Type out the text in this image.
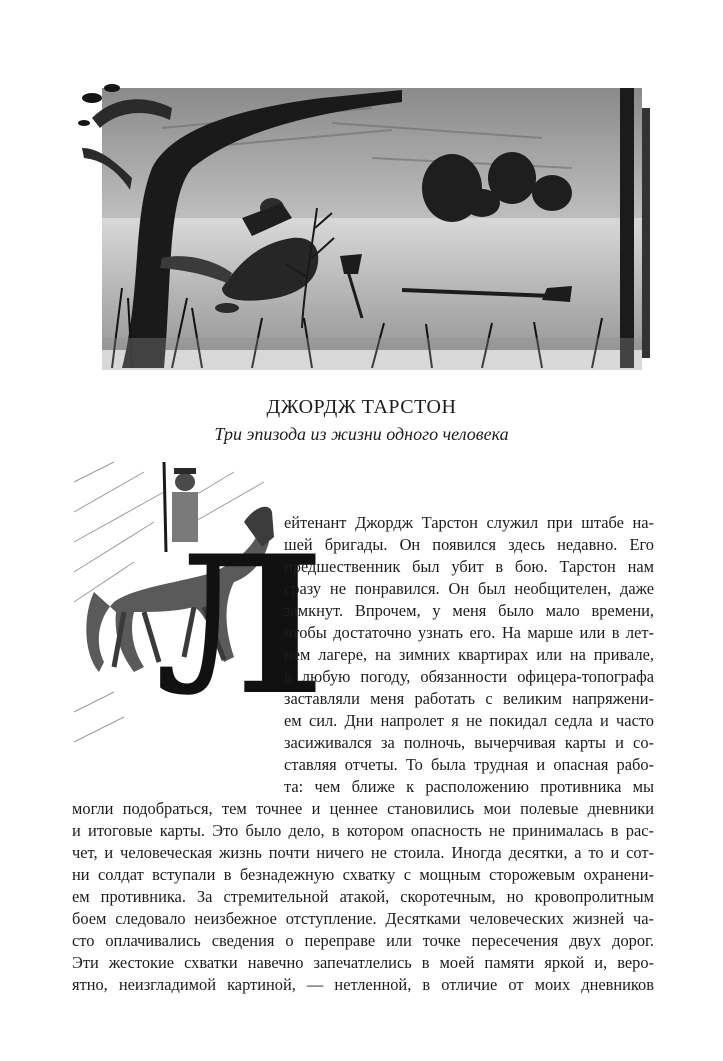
ДЖОРДЖ ТАРСТОН

Три эпизода из жизни одного человека

Л

ейтенант Джордж Тарстон служил при штабе на-

шей бригады. Он появился здесь недавно. Его

предшественник был убит в бою. Тарстон нам

сразу не понравился. Он был необщителен, даже

замкнут. Впрочем, у меня было мало времени,

чтобы достаточно узнать его. На марше или в лет-

нем лагере, на зимних квартирах или на привале,

в любую погоду, обязанности офицера-топографа

заставляли меня работать с великим напряжени-

ем сил. Дни напролет я не покидал седла и часто

засиживался за полночь, вычерчивая карты и со-

ставляя отчеты. То была трудная и опасная рабо-

та: чем ближе к расположению противника мы

могли подобраться, тем точнее и ценнее становились мои полевые дневники

и итоговые карты. Это было дело, в котором опасность не принималась в рас-

чет, и человеческая жизнь почти ничего не стоила. Иногда десятки, а то и сот-

ни солдат вступали в безнадежную схватку с мощным сторожевым охранени-

ем противника. За стремительной атакой, скоротечным, но кровопролитным

боем следовало неизбежное отступление. Десятками человеческих жизней ча-

сто оплачивались сведения о переправе или точке пересечения двух дорог.

Эти жестокие схватки навечно запечатлелись в моей памяти яркой и, веро-

ятно, неизгладимой картиной, — нетленной, в отличие от моих дневников
